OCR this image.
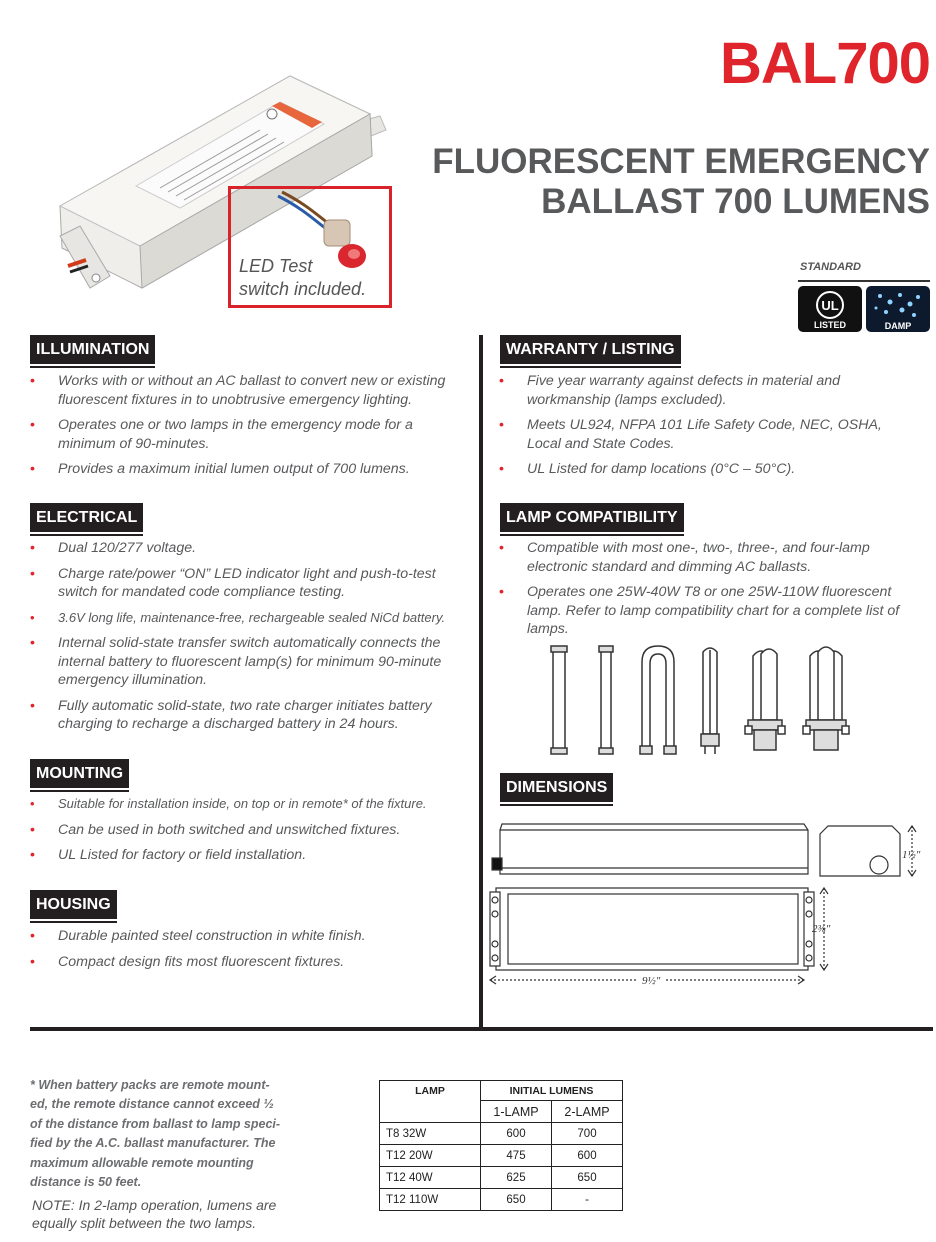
BAL700
FLUORESCENT EMERGENCY
BALLAST 700 LUMENS
LED Test
switch included.
STANDARD
UL
LISTED	DAMP
ILLUMINATION
• Works with or without an AC ballast to convert new or existing fluorescent fixtures in to unobtrusive emergency lighting.
• Operates one or two lamps in the emergency mode for a minimum of 90-minutes.
• Provides a maximum initial lumen output of 700 lumens.
ELECTRICAL
• Dual 120/277 voltage.
• Charge rate/power “ON” LED indicator light and push-to-test switch for mandated code compliance testing.
• 3.6V long life, maintenance-free, rechargeable sealed NiCd battery.
• Internal solid-state transfer switch automatically connects the internal battery to fluorescent lamp(s) for minimum 90-minute emergency illumination.
• Fully automatic solid-state, two rate charger initiates battery charging to recharge a discharged battery in 24 hours.
MOUNTING
• Suitable for installation inside, on top or in remote* of the fixture.
• Can be used in both switched and unswitched fixtures.
• UL Listed for factory or field installation.
HOUSING
• Durable painted steel construction in white finish.
• Compact design fits most fluorescent fixtures.
WARRANTY / LISTING
• Five year warranty against defects in material and workmanship (lamps excluded).
• Meets UL924, NFPA 101 Life Safety Code, NEC, OSHA, Local and State Codes.
• UL Listed for damp locations (0°C – 50°C).
LAMP COMPATIBILITY
• Compatible with most one-, two-, three-, and four-lamp electronic standard and dimming AC ballasts.
• Operates one 25W-40W T8 or one 25W-110W fluorescent lamp. Refer to lamp compatibility chart for a complete list of lamps.
DIMENSIONS
1½"
2⅜"
9½"
* When battery packs are remote mount-
ed, the remote distance cannot exceed ½
of the distance from ballast to lamp speci-
fied by the A.C. ballast manufacturer. The
maximum allowable remote mounting
distance is 50 feet.
NOTE: In 2-lamp operation, lumens are
equally split between the two lamps.
LAMP	INITIAL LUMENS	
	1-LAMP	2-LAMP
T8 32W	600	700
T12 20W	475	600
T12 40W	625	650
T12 110W	650	-
